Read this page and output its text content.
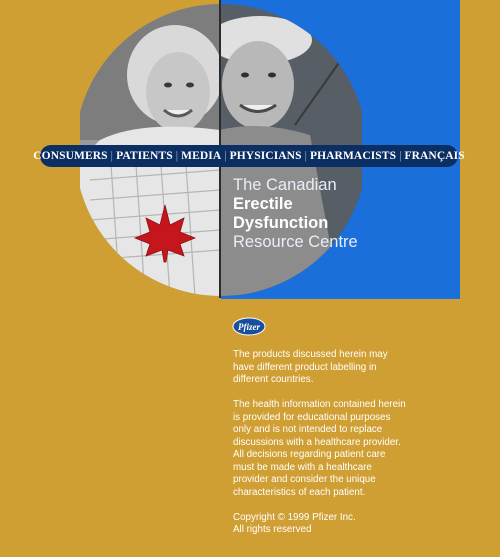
CONSUMERS | PATIENTS | MEDIA | PHYSICIANS | PHARMACISTS | FRANÇAIS
The Canadian
Erectile
Dysfunction
Resource Centre
Pfizer

The products discussed herein may have different product labelling in different countries.

The health information contained herein is provided for educational purposes only and is not intended to replace discussions with a healthcare provider. All decisions regarding patient care must be made with a healthcare provider and consider the unique characteristics of each patient.

Copyright © 1999 Pfizer Inc.
All rights reserved
